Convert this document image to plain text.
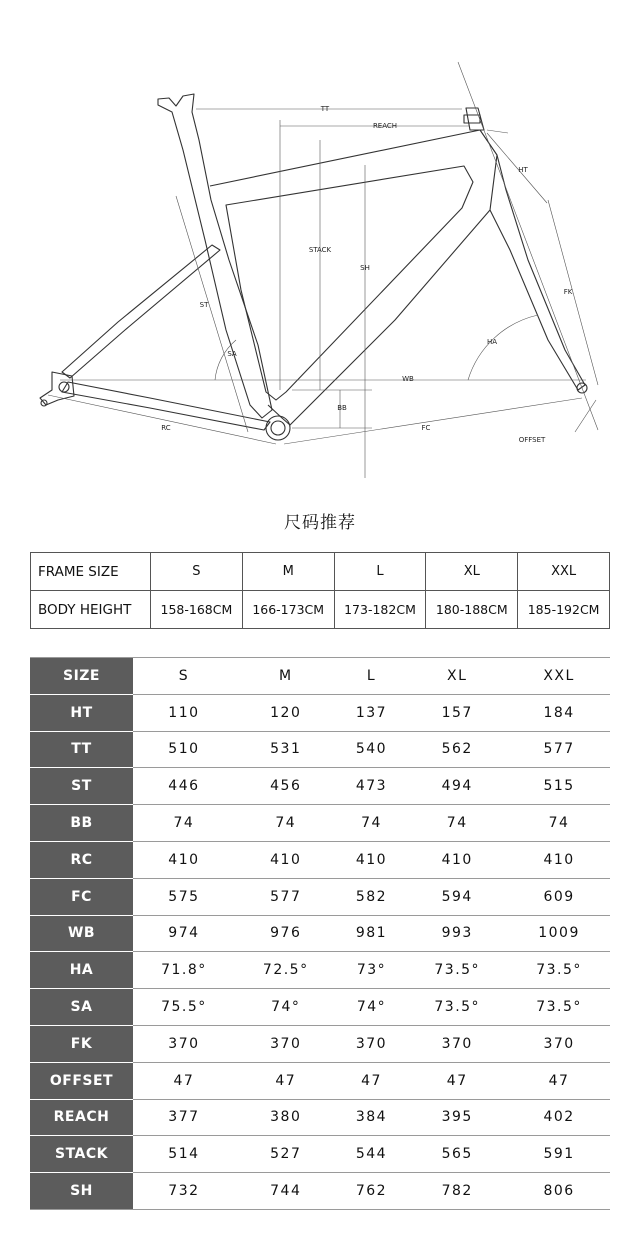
TT
REACH
HT
STACK
SH
ST
FK
HA
SA
WB
BB
RC	FC
OFFSET
尺码推荐
FRAME SIZE	S	M	L	XL	XXL
BODY HEIGHT	158-168CM	166-173CM	173-182CM	180-188CM	185-192CM
SIZE	S	M	L	XL	XXL
HT	110	120	137	157	184
TT	510	531	540	562	577
ST	446	456	473	494	515
BB	74	74	74	74	74
RC	410	410	410	410	410
FC	575	577	582	594	609
WB	974	976	981	993	1009
HA	71.8°	72.5°	73°	73.5°	73.5°
SA	75.5°	74°	74°	73.5°	73.5°
FK	370	370	370	370	370
OFFSET	47	47	47	47	47
REACH	377	380	384	395	402
STACK	514	527	544	565	591
SH	732	744	762	782	806
